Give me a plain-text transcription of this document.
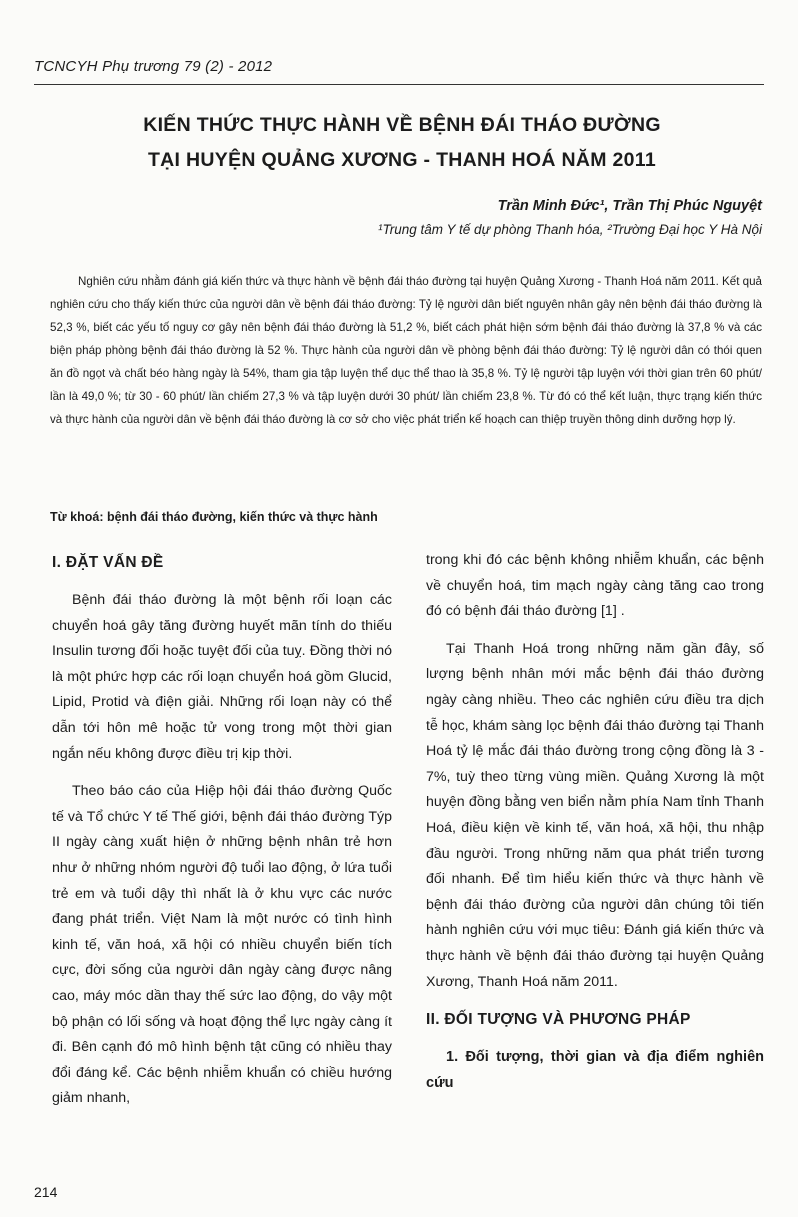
TCNCYH Phụ trương 79 (2) - 2012
KIẾN THỨC THỰC HÀNH VỀ BỆNH ĐÁI THÁO ĐƯỜNG
TẠI HUYỆN QUẢNG XƯƠNG - THANH HOÁ NĂM 2011
Trần Minh Đức¹, Trần Thị Phúc Nguyệt
¹Trung tâm Y tế dự phòng Thanh hóa, ²Trường Đại học Y Hà Nội

Nghiên cứu nhằm đánh giá kiến thức và thực hành về bệnh đái tháo đường tại huyện Quảng Xương - Thanh Hoá năm 2011. Kết quả nghiên cứu cho thấy kiến thức của người dân về bệnh đái tháo đường: Tỷ lệ người dân biết nguyên nhân gây nên bệnh đái tháo đường là 52,3 %, biết các yếu tố nguy cơ gây nên bệnh đái tháo đường là 51,2 %, biết cách phát hiện sớm bệnh đái tháo đường là 37,8 % và các biện pháp phòng bệnh đái tháo đường là 52 %. Thực hành của người dân về phòng bệnh đái tháo đường: Tỷ lệ người dân có thói quen ăn đồ ngọt và chất béo hàng ngày là 54%, tham gia tập luyện thể dục thể thao là 35,8 %. Tỷ lệ người tập luyện với thời gian trên 60 phút/ lần là 49,0 %; từ 30 - 60 phút/ lần chiếm 27,3 % và tập luyện dưới 30 phút/ lần chiếm 23,8 %. Từ đó có thể kết luận, thực trạng kiến thức và thực hành của người dân về bệnh đái tháo đường là cơ sở cho việc phát triển kế hoạch can thiệp truyền thông dinh dưỡng hợp lý.

Từ khoá: bệnh đái tháo đường, kiến thức và thực hành
I. ĐẶT VẤN ĐỀ

Bệnh đái tháo đường là một bệnh rối loạn các chuyển hoá gây tăng đường huyết mãn tính do thiếu Insulin tương đối hoặc tuyệt đối của tuỵ. Đồng thời nó là một phức hợp các rối loạn chuyển hoá gồm Glucid, Lipid, Protid và điện giải. Những rối loạn này có thể dẫn tới hôn mê hoặc tử vong trong một thời gian ngắn nếu không được điều trị kịp thời.

Theo báo cáo của Hiệp hội đái tháo đường Quốc tế và Tổ chức Y tế Thế giới, bệnh đái tháo đường Týp II ngày càng xuất hiện ở những bệnh nhân trẻ hơn như ở những nhóm người độ tuổi lao động, ở lứa tuổi trẻ em và tuổi dậy thì nhất là ở khu vực các nước đang phát triển. Việt Nam là một nước có tình hình kinh tế, văn hoá, xã hội có nhiều chuyển biến tích cực, đời sống của người dân ngày càng được nâng cao, máy móc dần thay thế sức lao động, do vậy một bộ phận có lối sống và hoạt động thể lực ngày càng ít đi. Bên cạnh đó mô hình bệnh tật cũng có nhiều thay đổi đáng kể. Các bệnh nhiễm khuẩn có chiều hướng giảm nhanh,

trong khi đó các bệnh không nhiễm khuẩn, các bệnh về chuyển hoá, tim mạch ngày càng tăng cao trong đó có bệnh đái tháo đường [1] .

Tại Thanh Hoá trong những năm gần đây, số lượng bệnh nhân mới mắc bệnh đái tháo đường ngày càng nhiều. Theo các nghiên cứu điều tra dịch tễ học, khám sàng lọc bệnh đái tháo đường tại Thanh Hoá tỷ lệ mắc đái tháo đường trong cộng đồng là 3 - 7%, tuỳ theo từng vùng miền. Quảng Xương là một huyện đồng bằng ven biển nằm phía Nam tỉnh Thanh Hoá, điều kiện về kinh tế, văn hoá, xã hội, thu nhập đầu người. Trong những năm qua phát triển tương đối nhanh. Để tìm hiểu kiến thức và thực hành về bệnh đái tháo đường của người dân chúng tôi tiến hành nghiên cứu với mục tiêu: Đánh giá kiến thức và thực hành về bệnh đái tháo đường tại huyện Quảng Xương, Thanh Hoá năm 2011.

II. ĐỐI TƯỢNG VÀ PHƯƠNG PHÁP
1. Đối tượng, thời gian và địa điểm nghiên cứu
214
